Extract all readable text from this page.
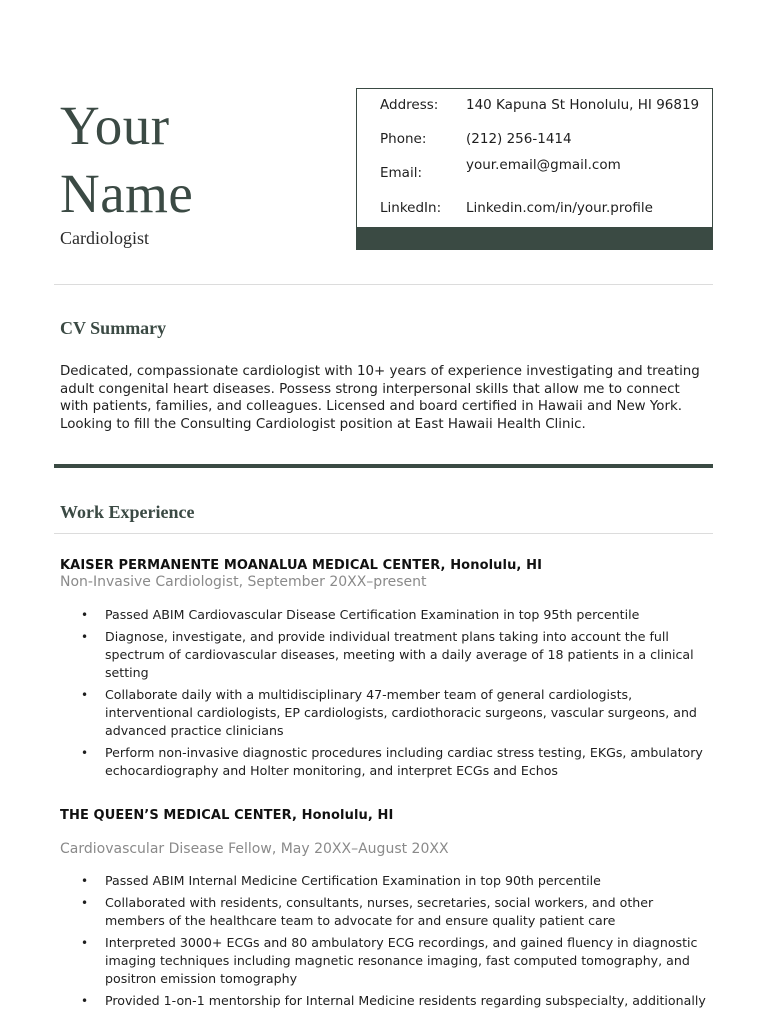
Your
Name
Cardiologist
Address:	140 Kapuna St Honolulu, HI 96819
Phone:	(212) 256-1414
Email:	your.email@gmail.com
LinkedIn:	Linkedin.com/in/your.profile
CV Summary
Dedicated, compassionate cardiologist with 10+ years of experience investigating and treating adult congenital heart diseases. Possess strong interpersonal skills that allow me to connect with patients, families, and colleagues. Licensed and board certified in Hawaii and New York. Looking to fill the Consulting Cardiologist position at East Hawaii Health Clinic.
Work Experience
KAISER PERMANENTE MOANALUA MEDICAL CENTER, Honolulu, HI
Non-Invasive Cardiologist, September 20XX–present
• Passed ABIM Cardiovascular Disease Certification Examination in top 95th percentile
• Diagnose, investigate, and provide individual treatment plans taking into account the full spectrum of cardiovascular diseases, meeting with a daily average of 18 patients in a clinical setting
• Collaborate daily with a multidisciplinary 47-member team of general cardiologists, interventional cardiologists, EP cardiologists, cardiothoracic surgeons, vascular surgeons, and advanced practice clinicians
• Perform non-invasive diagnostic procedures including cardiac stress testing, EKGs, ambulatory echocardiography and Holter monitoring, and interpret ECGs and Echos
THE QUEEN’S MEDICAL CENTER, Honolulu, HI
Cardiovascular Disease Fellow, May 20XX–August 20XX
• Passed ABIM Internal Medicine Certification Examination in top 90th percentile
• Collaborated with residents, consultants, nurses, secretaries, social workers, and other members of the healthcare team to advocate for and ensure quality patient care
• Interpreted 3000+ ECGs and 80 ambulatory ECG recordings, and gained fluency in diagnostic imaging techniques including magnetic resonance imaging, fast computed tomography, and positron emission tomography
• Provided 1-on-1 mentorship for Internal Medicine residents regarding subspecialty, additionally
